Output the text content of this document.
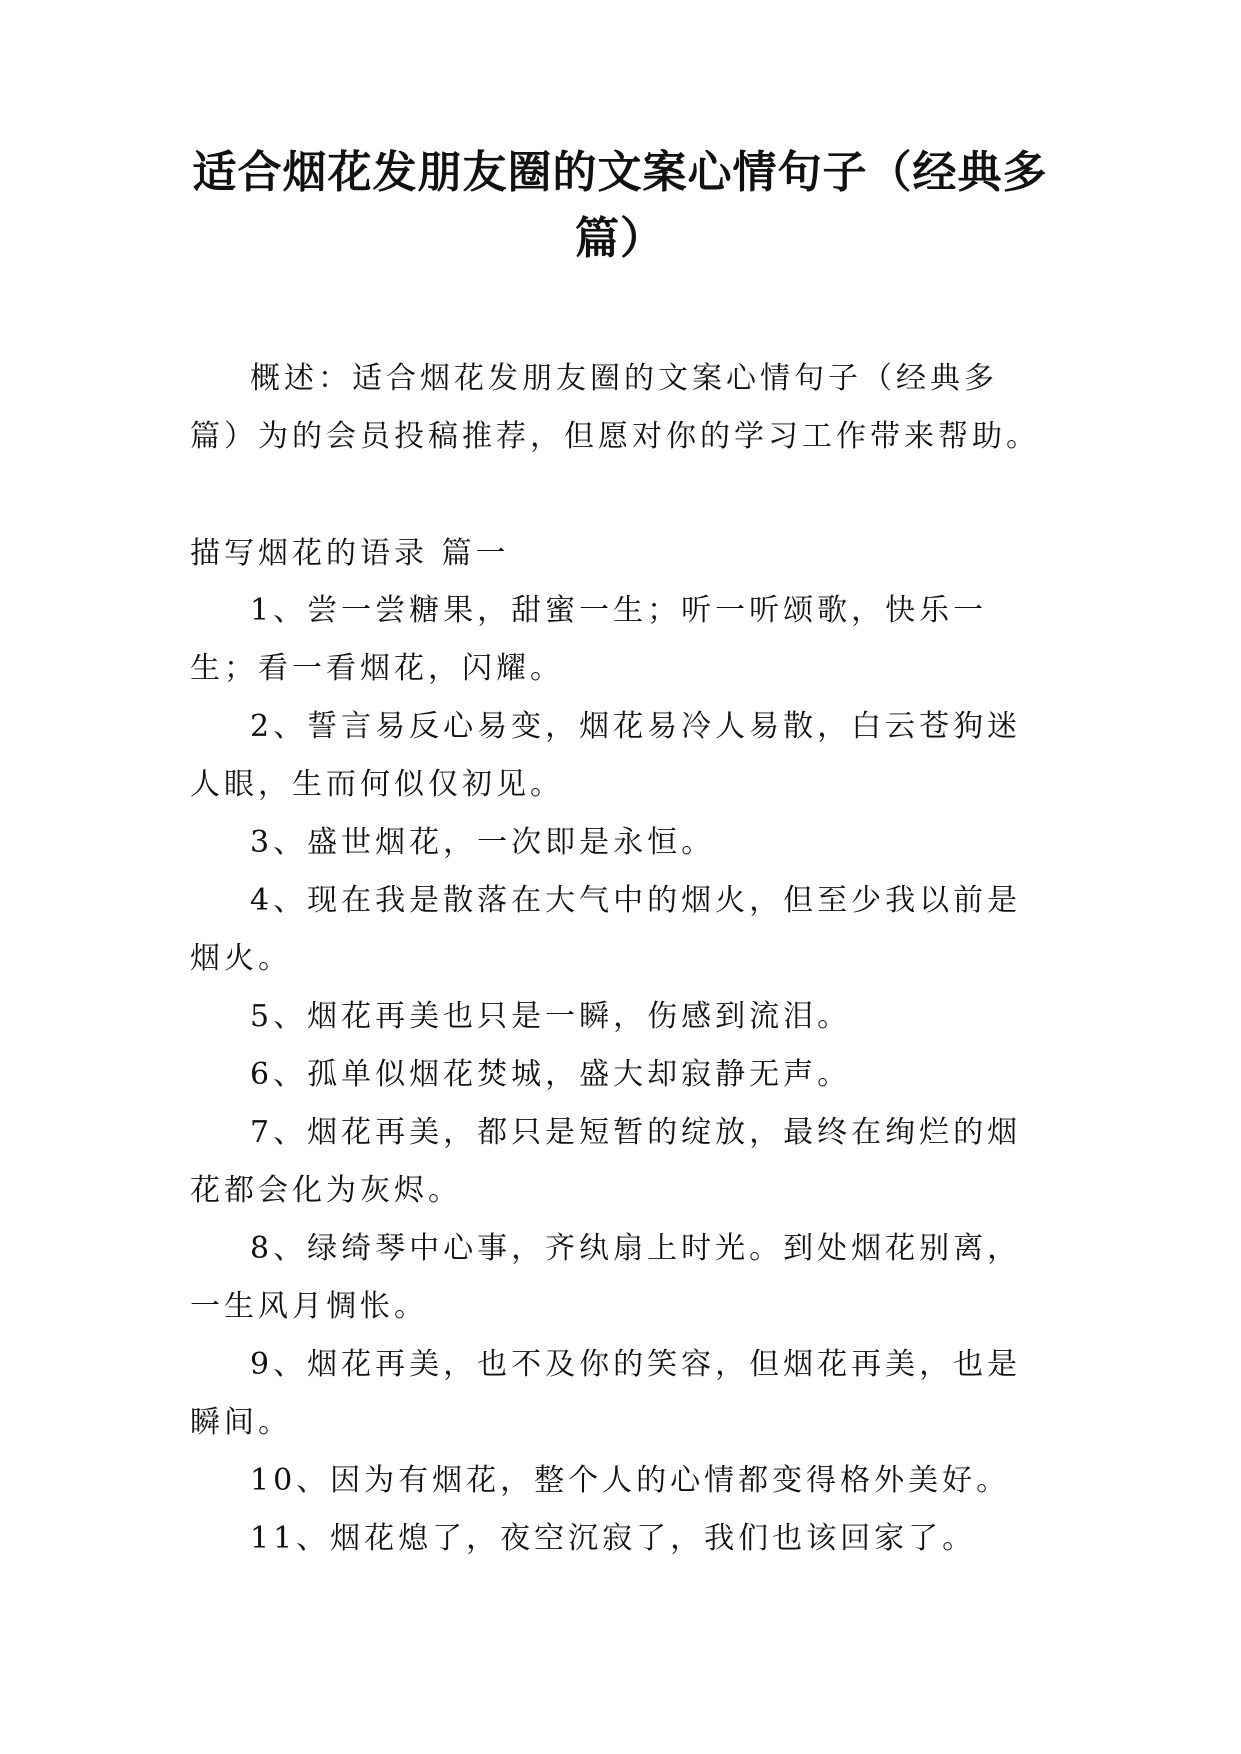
适合烟花发朋友圈的文案心情句子（经典多篇）

概述：适合烟花发朋友圈的文案心情句子（经典多篇）为的会员投稿推荐，但愿对你的学习工作带来帮助。

描写烟花的语录 篇一

1、尝一尝糖果，甜蜜一生；听一听颂歌，快乐一生；看一看烟花，闪耀。
2、誓言易反心易变，烟花易冷人易散，白云苍狗迷人眼，生而何似仅初见。
3、盛世烟花，一次即是永恒。
4、现在我是散落在大气中的烟火，但至少我以前是烟火。
5、烟花再美也只是一瞬，伤感到流泪。
6、孤单似烟花焚城，盛大却寂静无声。
7、烟花再美，都只是短暂的绽放，最终在绚烂的烟花都会化为灰烬。
8、绿绮琴中心事，齐纨扇上时光。到处烟花别离，一生风月惆怅。
9、烟花再美，也不及你的笑容，但烟花再美，也是瞬间。
10、因为有烟花，整个人的心情都变得格外美好。
11、烟花熄了，夜空沉寂了，我们也该回家了。
